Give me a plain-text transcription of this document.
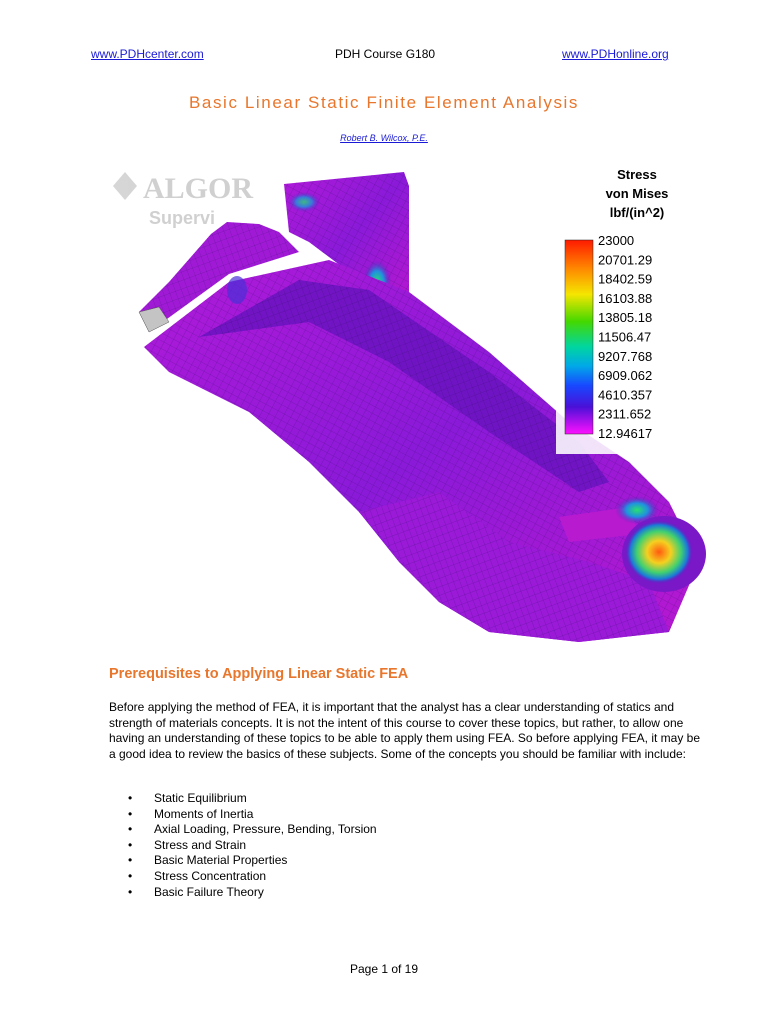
www.PDHcenter.com	PDH Course G180	www.PDHonline.org
Basic Linear Static Finite Element Analysis
Robert B. Wilcox, P.E.
ALGOR
Supervi
Stress
von Mises
lbf/(in^2)
23000
20701.29
18402.59
16103.88
13805.18
11506.47
9207.768
6909.062
4610.357
2311.652
12.94617
Prerequisites to Applying Linear Static FEA
Before applying the method of FEA, it is important that the analyst has a clear understanding of statics and strength of materials concepts. It is not the intent of this course to cover these topics, but rather, to allow one having an understanding of these topics to be able to apply them using FEA. So before applying FEA, it may be a good idea to review the basics of these subjects. Some of the concepts you should be familiar with include:
• Static Equilibrium
• Moments of Inertia
• Axial Loading, Pressure, Bending, Torsion
• Stress and Strain
• Basic Material Properties
• Stress Concentration
• Basic Failure Theory
Page 1 of 19
